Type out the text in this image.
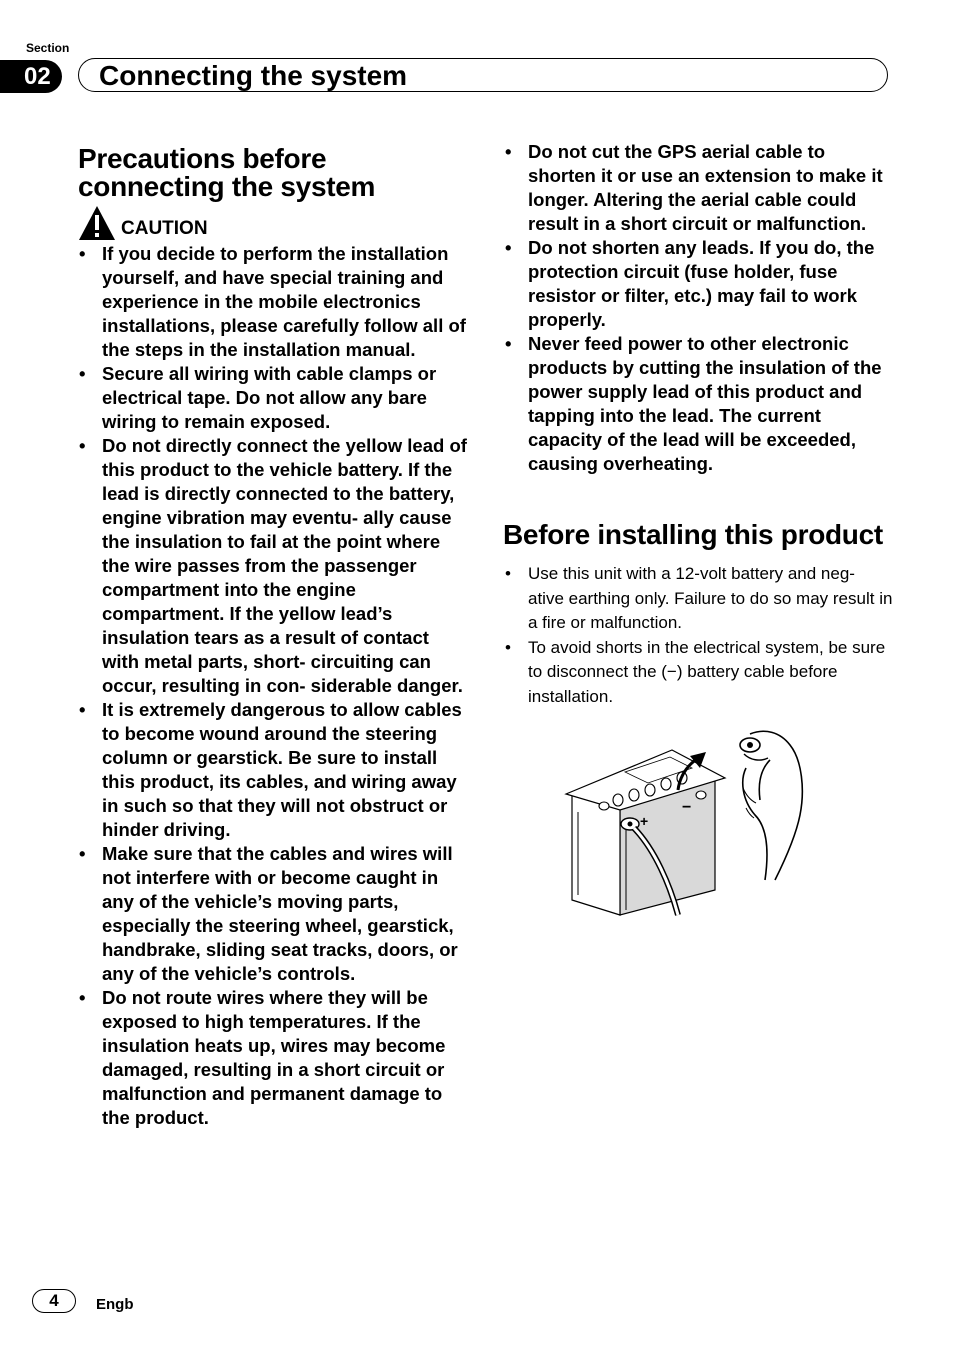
Section
02	Connecting the system
Precautions before
connecting the system
CAUTION
• If you decide to perform the installation yourself, and have special training and experience in the mobile electronics installations, please carefully follow all of the steps in the installation manual.
• Secure all wiring with cable clamps or electrical tape. Do not allow any bare wiring to remain exposed.
• Do not directly connect the yellow lead of this product to the vehicle battery. If the lead is directly connected to the battery, engine vibration may eventu- ally cause the insulation to fail at the point where the wire passes from the passenger compartment into the engine compartment. If the yellow lead’s insulation tears as a result of contact with metal parts, short- circuiting can occur, resulting in con- siderable danger.
• It is extremely dangerous to allow cables to become wound around the steering column or gearstick. Be sure to install this product, its cables, and wiring away in such so that they will not obstruct or hinder driving.
• Make sure that the cables and wires will not interfere with or become caught in any of the vehicle’s moving parts, especially the steering wheel, gearstick, handbrake, sliding seat tracks, doors, or any of the vehicle’s controls.
• Do not route wires where they will be exposed to high temperatures. If the insulation heats up, wires may become damaged, resulting in a short circuit or malfunction and permanent damage to the product.
• Do not cut the GPS aerial cable to shorten it or use an extension to make it longer. Altering the aerial cable could result in a short circuit or malfunction.
• Do not shorten any leads. If you do, the protection circuit (fuse holder, fuse resistor or filter, etc.) may fail to work properly.
• Never feed power to other electronic products by cutting the insulation of the power supply lead of this product and tapping into the lead. The current capacity of the lead will be exceeded, causing overheating.
Before installing this product
• Use this unit with a 12-volt battery and neg- ative earthing only. Failure to do so may result in a fire or malfunction.
• To avoid shorts in the electrical system, be sure to disconnect the (−) battery cable before installation.
+
−
4	Engb
